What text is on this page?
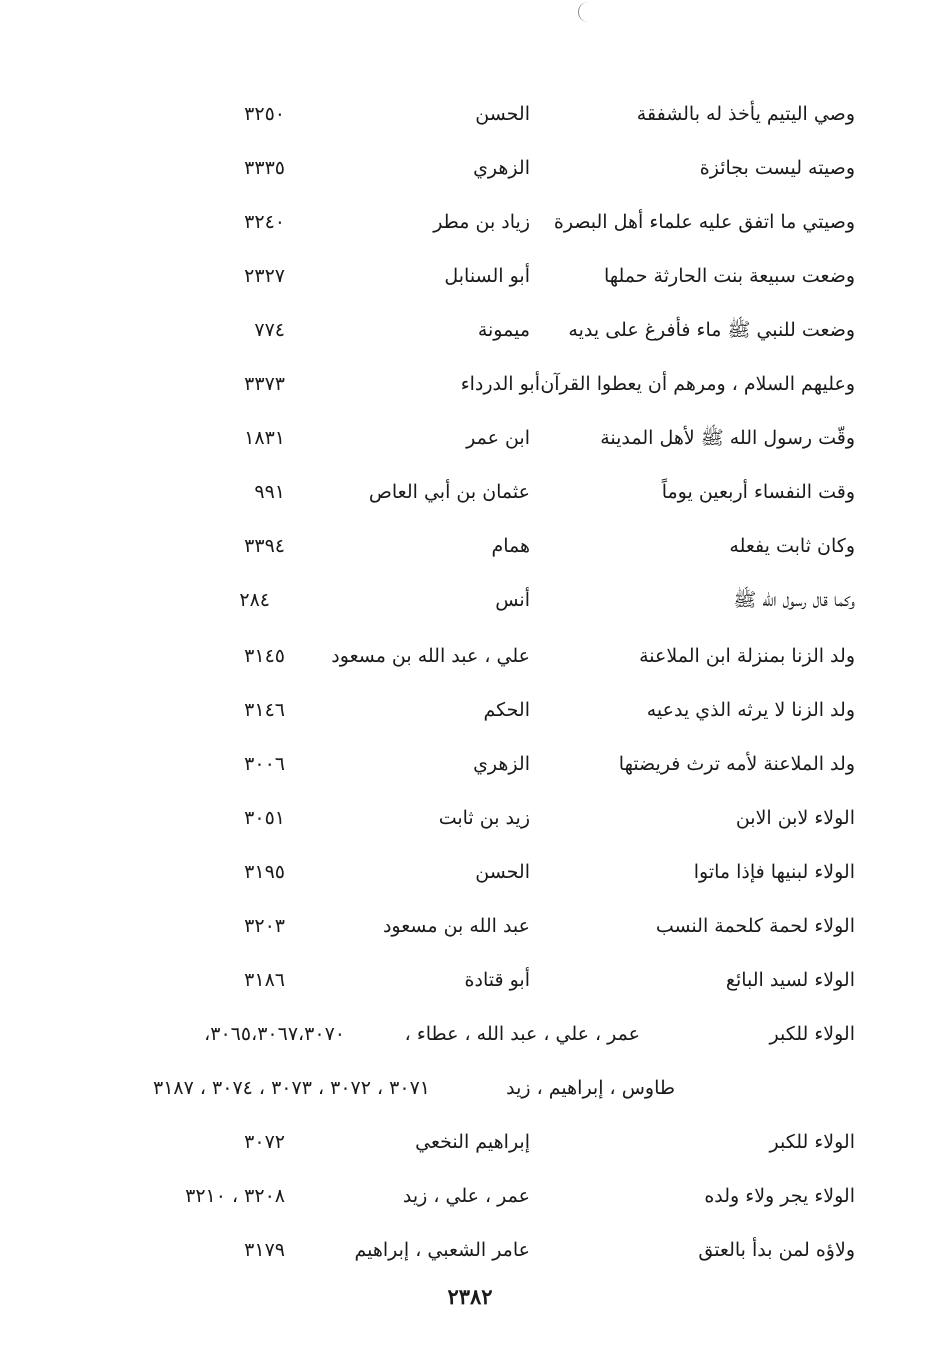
وصي اليتيم يأخذ له بالشفقة
الحسن
٣٢٥٠
وصيته ليست بجائزة
الزهري
٣٣٣٥
وصيتي ما اتفق عليه علماء أهل البصرة
زياد بن مطر
٣٢٤٠
وضعت سبيعة بنت الحارثة حملها
أبو السنابل
٢٣٢٧
وضعت للنبي ﷺ ماء فأفرغ على يديه
ميمونة
٧٧٤
وعليهم السلام ، ومرهم أن يعطوا القرآن
أبو الدرداء
٣٣٧٣
وقّت رسول الله ﷺ لأهل المدينة
ابن عمر
١٨٣١
وقت النفساء أربعين يوماً
عثمان بن أبي العاص
٩٩١
وكان ثابت يفعله
همام
٣٣٩٤
وكما قال رسول الله ﷺ
أنس
٢٨٤
ولد الزنا بمنزلة ابن الملاعنة
علي ، عبد الله بن مسعود
٣١٤٥
ولد الزنا لا يرثه الذي يدعيه
الحكم
٣١٤٦
ولد الملاعنة لأمه ترث فريضتها
الزهري
٣٠٠٦
الولاء لابن الابن
زيد بن ثابت
٣٠٥١
الولاء لبنيها فإذا ماتوا
الحسن
٣١٩٥
الولاء لحمة كلحمة النسب
عبد الله بن مسعود
٣٢٠٣
الولاء لسيد البائع
أبو قتادة
٣١٨٦
الولاء للكبر
عمر ، علي ، عبد الله ، عطاء ،
٣٠٦٥،٣٠٦٧،٣٠٧٠،
طاوس ، إبراهيم ، زيد
٣٠٧١ ، ٣٠٧٢ ، ٣٠٧٣ ، ٣٠٧٤ ، ٣١٨٧
الولاء للكبر
إبراهيم النخعي
٣٠٧٢
الولاء يجر ولاء ولده
عمر ، علي ، زيد
٣٢٠٨ ، ٣٢١٠
ولاؤه لمن بدأ بالعتق
عامر الشعبي ، إبراهيم
٣١٧٩
٢٣٨٢
